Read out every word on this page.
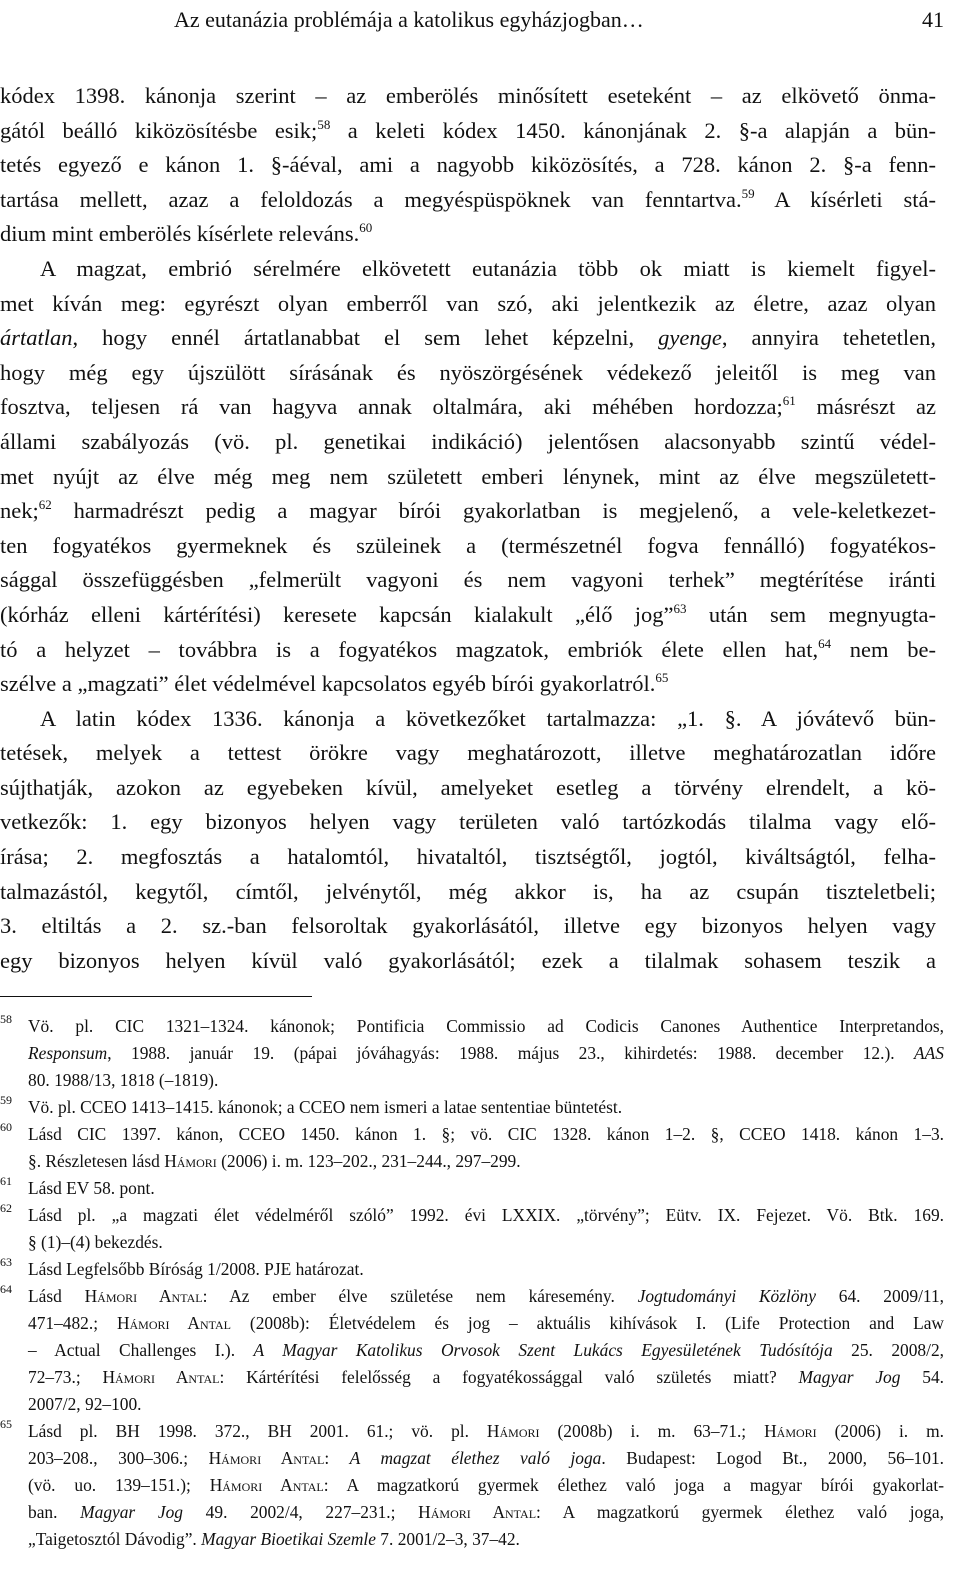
Az eutanázia problémája a katolikus egyházjogban…	41
kódex 1398. kánonja szerint – az emberölés minősített eseteként – az elkövető önma-
gától beálló kiközösítésbe esik;$^{58}$ a keleti kódex 1450. kánonjának 2. §-a alapján a bün-
tetés egyező e kánon 1. §-áéval, ami a nagyobb kiközösítés, a 728. kánon 2. §-a fenn-
tartása mellett, azaz a feloldozás a megyéspüspöknek van fenntartva.$^{59}$ A kísérleti stá-
dium mint emberölés kísérlete releváns.$^{60}$
A magzat, embrió sérelmére elkövetett eutanázia több ok miatt is kiemelt figyel-
met kíván meg: egyrészt olyan emberről van szó, aki jelentkezik az életre, azaz olyan
ártatlan, hogy ennél ártatlanabbat el sem lehet képzelni, gyenge, annyira tehetetlen,
hogy még egy újszülött sírásának és nyöszörgésének védekező jeleitől is meg van
fosztva, teljesen rá van hagyva annak oltalmára, aki méhében hordozza;$^{61}$ másrészt az
állami szabályozás (vö. pl. genetikai indikáció) jelentősen alacsonyabb szintű védel-
met nyújt az élve még meg nem született emberi lénynek, mint az élve megszületett-
nek;$^{62}$ harmadrészt pedig a magyar bírói gyakorlatban is megjelenő, a vele-keletkezet-
ten fogyatékos gyermeknek és szüleinek a (természetnél fogva fennálló) fogyatékos-
sággal összefüggésben „felmerült vagyoni és nem vagyoni terhek” megtérítése iránti
(kórház elleni kártérítési) keresete kapcsán kialakult „élő jog”$^{63}$ után sem megnyugta-
tó a helyzet – továbbra is a fogyatékos magzatok, embriók élete ellen hat,$^{64}$ nem be-
szélve a „magzati” élet védelmével kapcsolatos egyéb bírói gyakorlatról.$^{65}$
A latin kódex 1336. kánonja a következőket tartalmazza: „1. §. A jóvátevő bün-
tetések, melyek a tettest örökre vagy meghatározott, illetve meghatározatlan időre
sújthatják, azokon az egyebeken kívül, amelyeket esetleg a törvény elrendelt, a kö-
vetkezők: 1. egy bizonyos helyen vagy területen való tartózkodás tilalma vagy elő-
írása; 2. megfosztás a hatalomtól, hivataltól, tisztségtől, jogtól, kiváltságtól, felha-
talmazástól, kegytől, címtől, jelvénytől, még akkor is, ha az csupán tiszteletbeli;
3. eltiltás a 2. sz.-ban felsoroltak gyakorlásától, illetve egy bizonyos helyen vagy
egy bizonyos helyen kívül való gyakorlásától; ezek a tilalmak sohasem teszik a
58 Vö. pl. CIC 1321–1324. kánonok; Pontificia Commissio ad Codicis Canones Authentice Interpretandos,
Responsum, 1988. január 19. (pápai jóváhagyás: 1988. május 23., kihirdetés: 1988. december 12.). AAS
80. 1988/13, 1818 (–1819).
59 Vö. pl. CCEO 1413–1415. kánonok; a CCEO nem ismeri a latae sententiae büntetést.
60 Lásd CIC 1397. kánon, CCEO 1450. kánon 1. §; vö. CIC 1328. kánon 1–2. §, CCEO 1418. kánon 1–3.
§. Részletesen lásd Hámori (2006) i. m. 123–202., 231–244., 297–299.
61 Lásd EV 58. pont.
62 Lásd pl. „a magzati élet védelméről szóló” 1992. évi LXXIX. „törvény”; Eütv. IX. Fejezet. Vö. Btk. 169.
§ (1)–(4) bekezdés.
63 Lásd Legfelsőbb Bíróság 1/2008. PJE határozat.
64 Lásd Hámori Antal: Az ember élve születése nem káresemény. Jogtudományi Közlöny 64. 2009/11,
471–482.; Hámori Antal (2008b): Életvédelem és jog – aktuális kihívások I. (Life Protection and Law
– Actual Challenges I.). A Magyar Katolikus Orvosok Szent Lukács Egyesületének Tudósítója 25. 2008/2,
72–73.; Hámori Antal: Kártérítési felelősség a fogyatékossággal való születés miatt? Magyar Jog 54.
2007/2, 92–100.
65 Lásd pl. BH 1998. 372., BH 2001. 61.; vö. pl. Hámori (2008b) i. m. 63–71.; Hámori (2006) i. m.
203–208., 300–306.; Hámori Antal: A magzat élethez való joga. Budapest: Logod Bt., 2000, 56–101.
(vö. uo. 139–151.); Hámori Antal: A magzatkorú gyermek élethez való joga a magyar bírói gyakorlat-
ban. Magyar Jog 49. 2002/4, 227–231.; Hámori Antal: A magzatkorú gyermek élethez való joga,
„Taigetosztól Dávodig”. Magyar Bioetikai Szemle 7. 2001/2–3, 37–42.
